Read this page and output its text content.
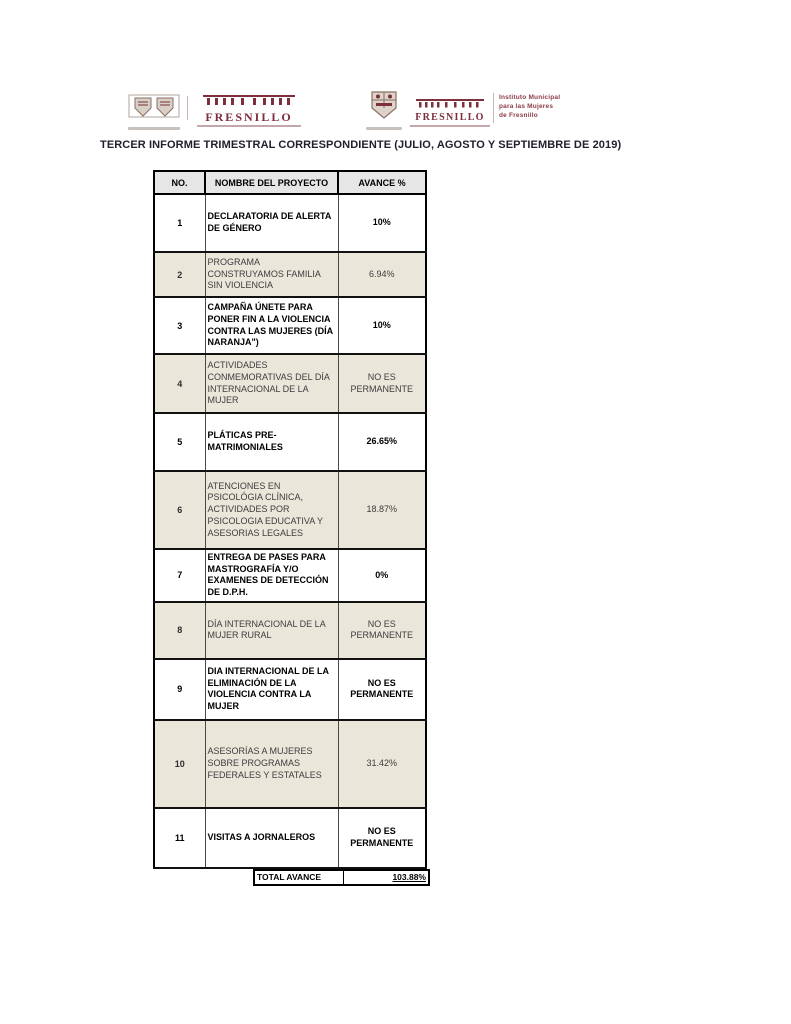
FRESNILLO	FRESNILLO
Instituto Municipal
para las Mujeres
de Fresnillo
TERCER INFORME TRIMESTRAL CORRESPONDIENTE (JULIO, AGOSTO Y SEPTIEMBRE DE 2019)
NO.	NOMBRE DEL PROYECTO	AVANCE %
1	DECLARATORIA DE ALERTA DE GÉNERO	10%
2	PROGRAMA CONSTRUYAMOS FAMILIA SIN VIOLENCIA	6.94%
3	CAMPAÑA ÚNETE PARA PONER FIN A LA VIOLENCIA CONTRA LAS MUJERES (DÍA NARANJA")	10%
4	ACTIVIDADES CONMEMORATIVAS DEL DÍA INTERNACIONAL DE LA MUJER	NO ES PERMANENTE
5	PLÁTICAS PRE-MATRIMONIALES	26.65%
6	ATENCIONES EN PSICOLÓGIA CLÍNICA, ACTIVIDADES POR PSICOLOGIA EDUCATIVA Y ASESORIAS LEGALES	18.87%
7	ENTREGA DE PASES PARA MASTROGRAFÍA Y/O EXAMENES DE DETECCIÓN DE D.P.H.	0%
8	DÍA INTERNACIONAL DE LA MUJER RURAL	NO ES PERMANENTE
9	DIA INTERNACIONAL DE LA ELIMINACIÓN DE LA VIOLENCIA CONTRA LA MUJER	NO ES PERMANENTE
10	ASESORÍAS A MUJERES SOBRE PROGRAMAS FEDERALES Y ESTATALES	31.42%
11	VISITAS A JORNALEROS	NO ES PERMANENTE
TOTAL AVANCE	103.88%
